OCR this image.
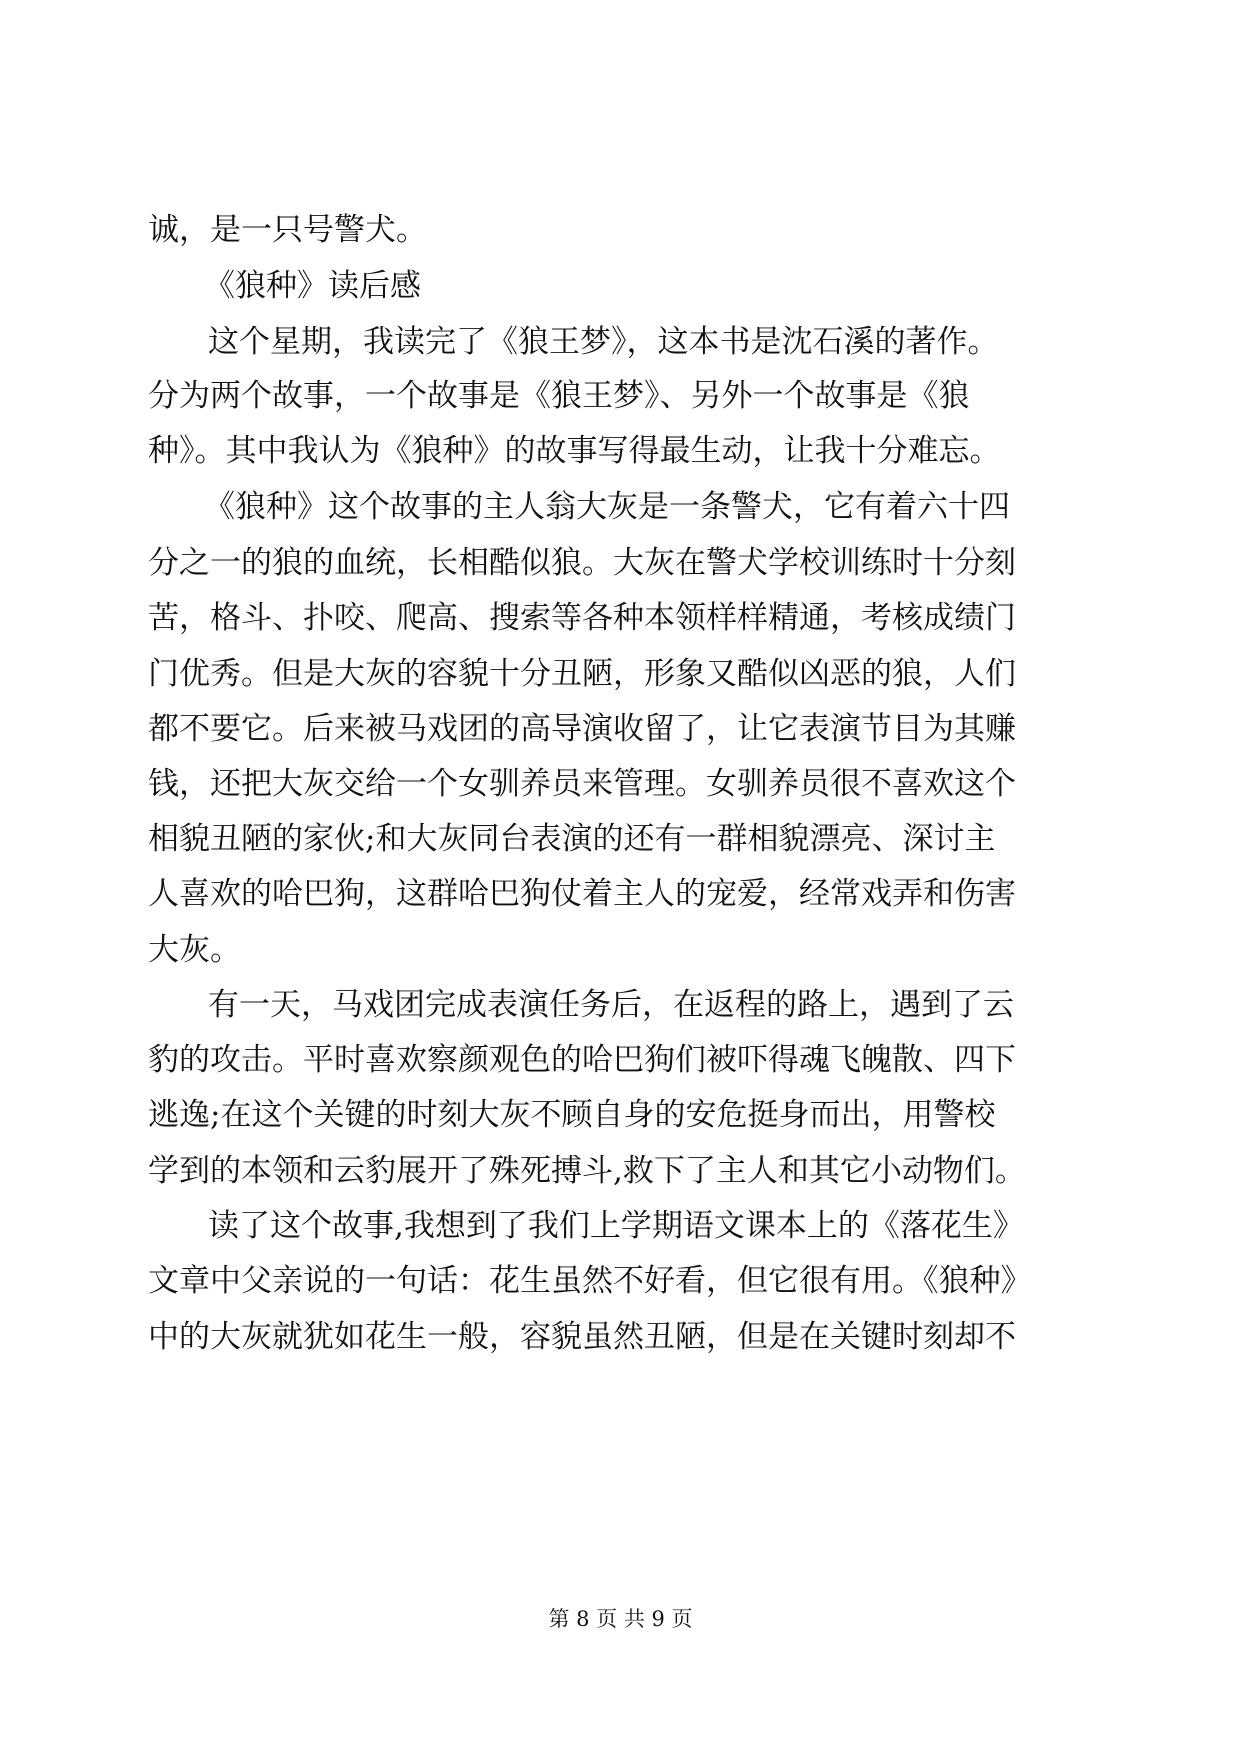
诚，是一只号警犬。
《狼种》读后感
这个星期，我读完了《狼王梦》，这本书是沈石溪的著作。
分为两个故事，一个故事是《狼王梦》、另外一个故事是《狼
种》。其中我认为《狼种》的故事写得最生动，让我十分难忘。
《狼种》这个故事的主人翁大灰是一条警犬，它有着六十四
分之一的狼的血统，长相酷似狼。大灰在警犬学校训练时十分刻
苦，格斗、扑咬、爬高、搜索等各种本领样样精通，考核成绩门
门优秀。但是大灰的容貌十分丑陋，形象又酷似凶恶的狼，人们
都不要它。后来被马戏团的高导演收留了，让它表演节目为其赚
钱，还把大灰交给一个女驯养员来管理。女驯养员很不喜欢这个
相貌丑陋的家伙;和大灰同台表演的还有一群相貌漂亮、深讨主
人喜欢的哈巴狗，这群哈巴狗仗着主人的宠爱，经常戏弄和伤害
大灰。
有一天，马戏团完成表演任务后，在返程的路上，遇到了云
豹的攻击。平时喜欢察颜观色的哈巴狗们被吓得魂飞魄散、四下
逃逸;在这个关键的时刻大灰不顾自身的安危挺身而出，用警校
学到的本领和云豹展开了殊死搏斗,救下了主人和其它小动物们。
读了这个故事,我想到了我们上学期语文课本上的《落花生》
文章中父亲说的一句话：花生虽然不好看，但它很有用。《狼种》
中的大灰就犹如花生一般，容貌虽然丑陋，但是在关键时刻却不
第 8 页 共 9 页
